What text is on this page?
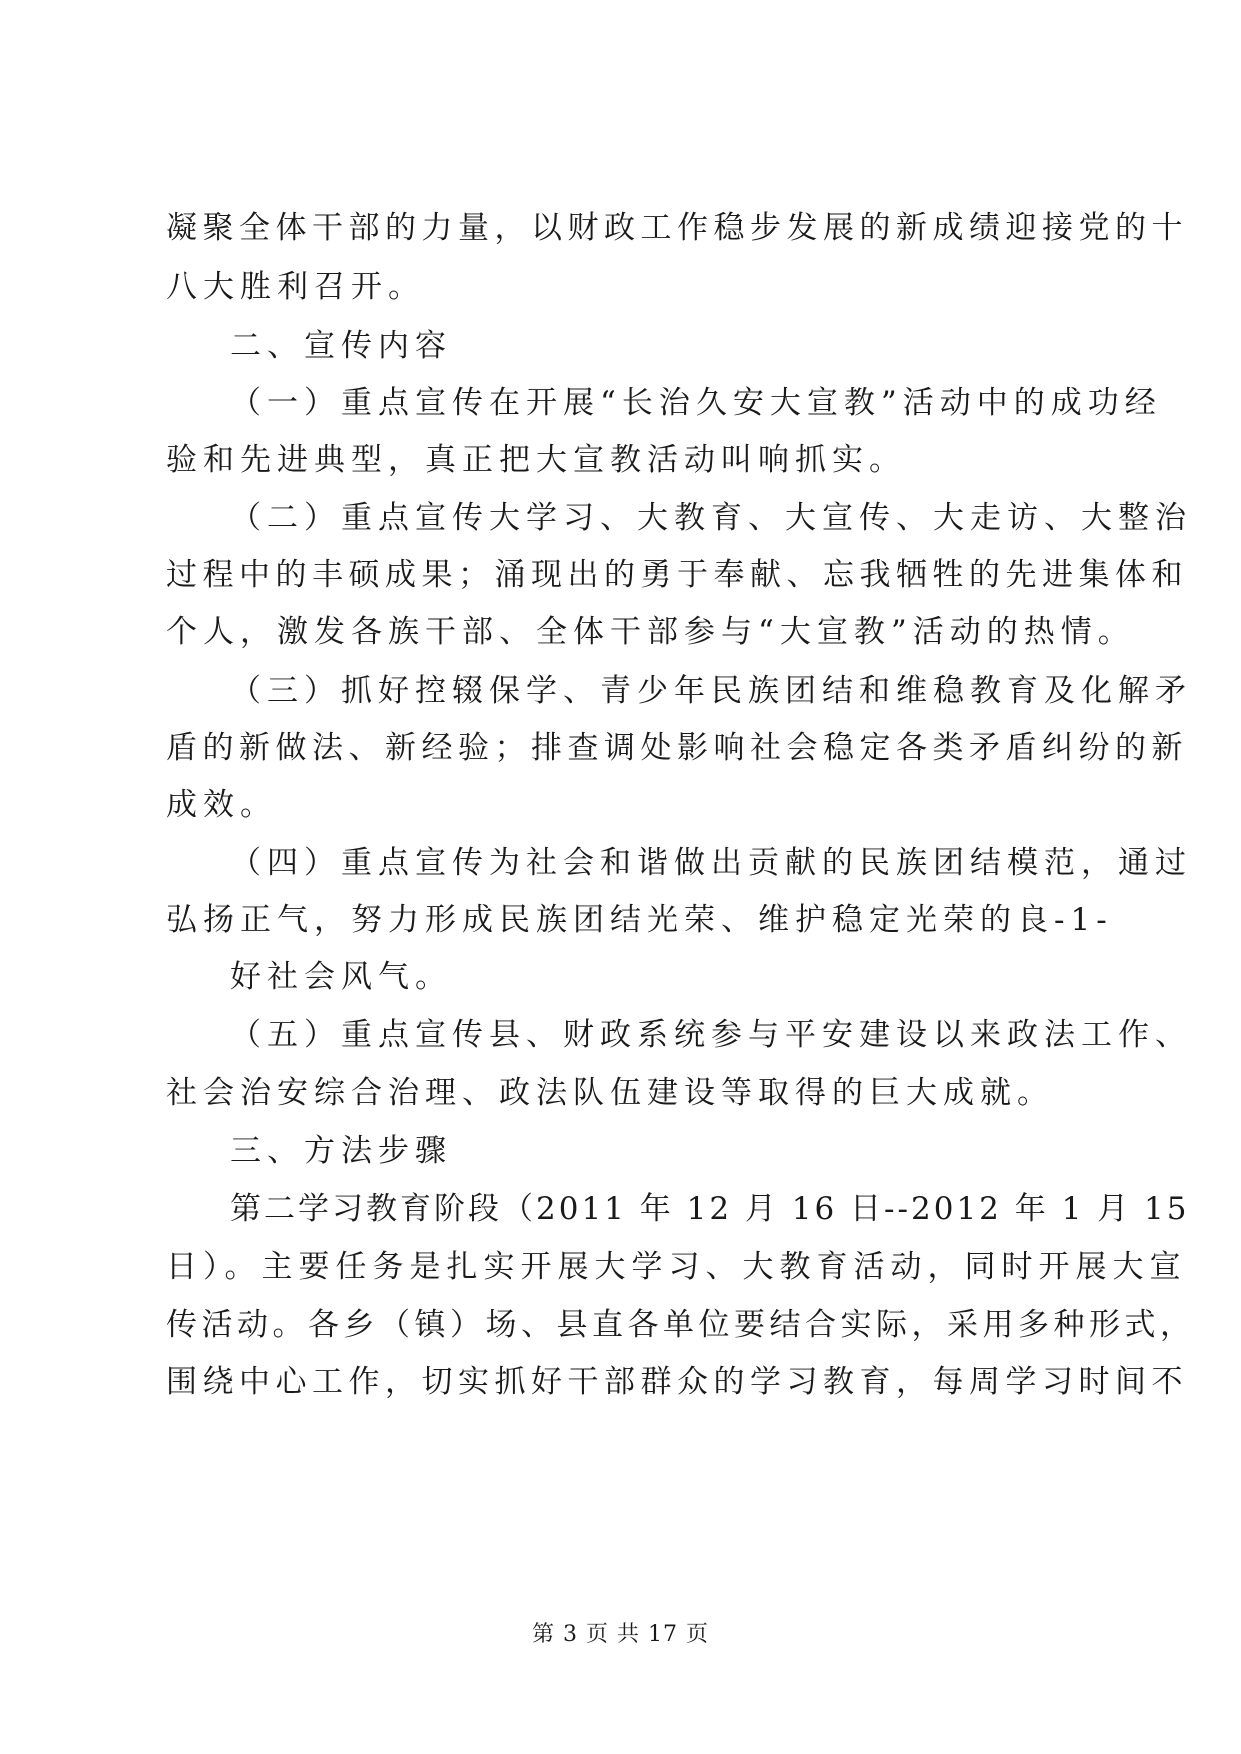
凝聚全体干部的力量，以财政工作稳步发展的新成绩迎接党的十
八大胜利召开。
二、宣传内容
（一）重点宣传在开展“长治久安大宣教”活动中的成功经
验和先进典型，真正把大宣教活动叫响抓实。
（二）重点宣传大学习、大教育、大宣传、大走访、大整治
过程中的丰硕成果；涌现出的勇于奉献、忘我牺牲的先进集体和
个人，激发各族干部、全体干部参与“大宣教”活动的热情。
（三）抓好控辍保学、青少年民族团结和维稳教育及化解矛
盾的新做法、新经验；排查调处影响社会稳定各类矛盾纠纷的新
成效。
（四）重点宣传为社会和谐做出贡献的民族团结模范，通过
弘扬正气，努力形成民族团结光荣、维护稳定光荣的良-1-
好社会风气。
（五）重点宣传县、财政系统参与平安建设以来政法工作、
社会治安综合治理、政法队伍建设等取得的巨大成就。
三、方法步骤
第二学习教育阶段（2011 年 12 月 16 日--2012 年 1 月 15
日）。主要任务是扎实开展大学习、大教育活动，同时开展大宣
传活动。各乡（镇）场、县直各单位要结合实际，采用多种形式，
围绕中心工作，切实抓好干部群众的学习教育，每周学习时间不
第 3 页 共 17 页
